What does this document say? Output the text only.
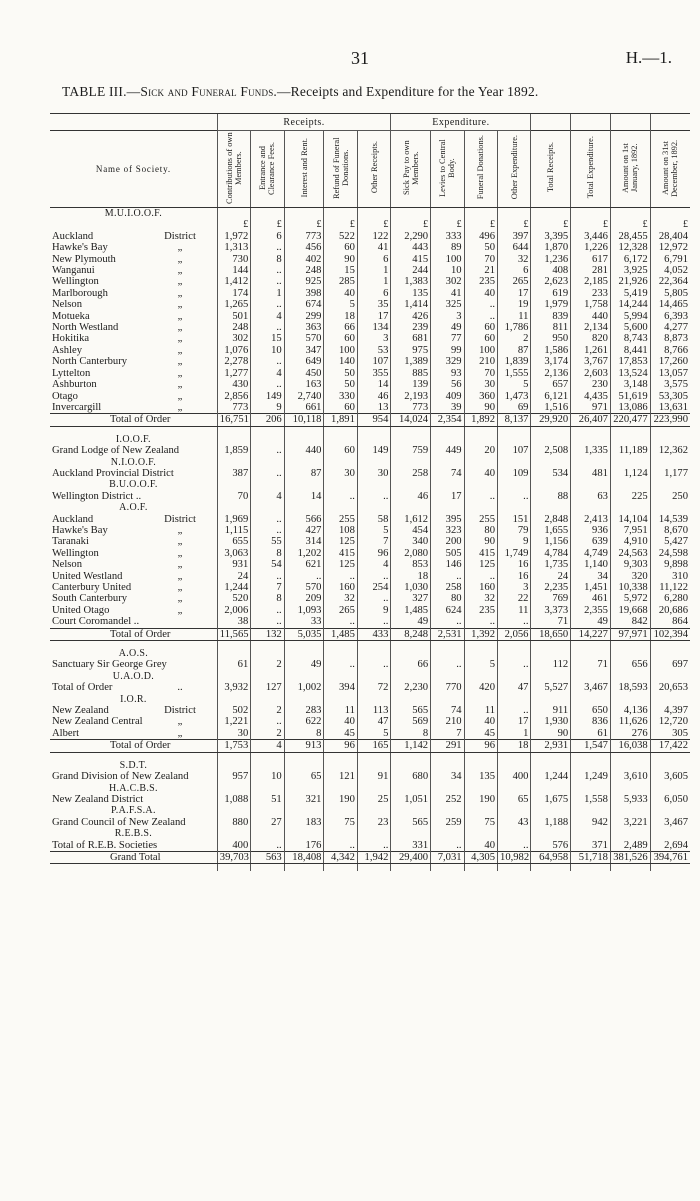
31	H.—1.
TABLE III.—Sick and Funeral Funds.—Receipts and Expenditure for the Year 1892.
	Receipts.					Expenditure.							
Name of Society.	Contributions of own Members.	Entrance and Clearance Fees.	Interest and Rent.	Refund of Funeral Donations.	Other Receipts.	Sick Pay to own Members.	Levies to Central Body.	Funeral Donations.	Other Expenditure.	Total Receipts.	Total Expenditure.	Amount on 1st January, 1892.	Amount on 31st December, 1892.
M.U.I.O.O.F.													
	£	£	£	£	£	£	£	£	£	£	£	£	£
Auckland District	1,972	6	773	522	122	2,290	333	496	397	3,395	3,446	28,455	28,404
Hawke's Bay „	1,313	..	456	60	41	443	89	50	644	1,870	1,226	12,328	12,972
New Plymouth „	730	8	402	90	6	415	100	70	32	1,236	617	6,172	6,791
Wanganui „	144	..	248	15	1	244	10	21	6	408	281	3,925	4,052
Wellington „	1,412	..	925	285	1	1,383	302	235	265	2,623	2,185	21,926	22,364
Marlborough „	174	1	398	40	6	135	41	40	17	619	233	5,419	5,805
Nelson „	1,265	..	674	5	35	1,414	325	..	19	1,979	1,758	14,244	14,465
Motueka „	501	4	299	18	17	426	3	..	11	839	440	5,994	6,393
North Westland „	248	..	363	66	134	239	49	60	1,786	811	2,134	5,600	4,277
Hokitika „	302	15	570	60	3	681	77	60	2	950	820	8,743	8,873
Ashley „	1,076	10	347	100	53	975	99	100	87	1,586	1,261	8,441	8,766
North Canterbury „	2,278	..	649	140	107	1,389	329	210	1,839	3,174	3,767	17,853	17,260
Lyttelton „	1,277	4	450	50	355	885	93	70	1,555	2,136	2,603	13,524	13,057
Ashburton „	430	..	163	50	14	139	56	30	5	657	230	3,148	3,575
Otago „	2,856	149	2,740	330	46	2,193	409	360	1,473	6,121	4,435	51,619	53,305
Invercargill „	773	9	661	60	13	773	39	90	69	1,516	971	13,086	13,631
Total of Order	16,751	206	10,118	1,891	954	14,024	2,354	1,892	8,137	29,920	26,407	220,477	223,990

I.O.O.F.													
Grand Lodge of New Zealand	1,859	..	440	60	149	759	449	20	107	2,508	1,335	11,189	12,362
N.I.O.O.F.													
Auckland Provincial District	387	..	87	30	30	258	74	40	109	534	481	1,124	1,177
B.U.O.O.F.													
Wellington District ..	70	4	14	..	..	46	17	..	..	88	63	225	250
A.O.F.													
Auckland District	1,969	..	566	255	58	1,612	395	255	151	2,848	2,413	14,104	14,539
Hawke's Bay „	1,115	..	427	108	5	454	323	80	79	1,655	936	7,951	8,670
Taranaki „	655	55	314	125	7	340	200	90	9	1,156	639	4,910	5,427
Wellington „	3,063	8	1,202	415	96	2,080	505	415	1,749	4,784	4,749	24,563	24,598
Nelson „	931	54	621	125	4	853	146	125	16	1,735	1,140	9,303	9,898
United Westland „	24	..	..	..	..	18	..	..	16	24	34	320	310
Canterbury United „	1,244	7	570	160	254	1,030	258	160	3	2,235	1,451	10,338	11,122
South Canterbury „	520	8	209	32	..	327	80	32	22	769	461	5,972	6,280
United Otago „	2,006	..	1,093	265	9	1,485	624	235	11	3,373	2,355	19,668	20,686
Court Coromandel ..	38	..	33	..	..	49	..	..	..	71	49	842	864
Total of Order	11,565	132	5,035	1,485	433	8,248	2,531	1,392	2,056	18,650	14,227	97,971	102,394

A.O.S.													
Sanctuary Sir George Grey	61	2	49	..	..	66	..	5	..	112	71	656	697
U.A.O.D.													
Total of Order ..	3,932	127	1,002	394	72	2,230	770	420	47	5,527	3,467	18,593	20,653
I.O.R.													
New Zealand District	502	2	283	11	113	565	74	11	..	911	650	4,136	4,397
New Zealand Central „	1,221	..	622	40	47	569	210	40	17	1,930	836	11,626	12,720
Albert „	30	2	8	45	5	8	7	45	1	90	61	276	305
Total of Order	1,753	4	913	96	165	1,142	291	96	18	2,931	1,547	16,038	17,422

S.D.T.													
Grand Division of New Zealand	957	10	65	121	91	680	34	135	400	1,244	1,249	3,610	3,605
H.A.C.B.S.													
New Zealand District	1,088	51	321	190	25	1,051	252	190	65	1,675	1,558	5,933	6,050
P.A.F.S.A.													
Grand Council of New Zealand	880	27	183	75	23	565	259	75	43	1,188	942	3,221	3,467
R.E.B.S.													
Total of R.E.B. Societies	400	..	176	..	..	331	..	40	..	576	371	2,489	2,694
Grand Total	39,703	563	18,408	4,342	1,942	29,400	7,031	4,305	10,982	64,958	51,718	381,526	394,761
